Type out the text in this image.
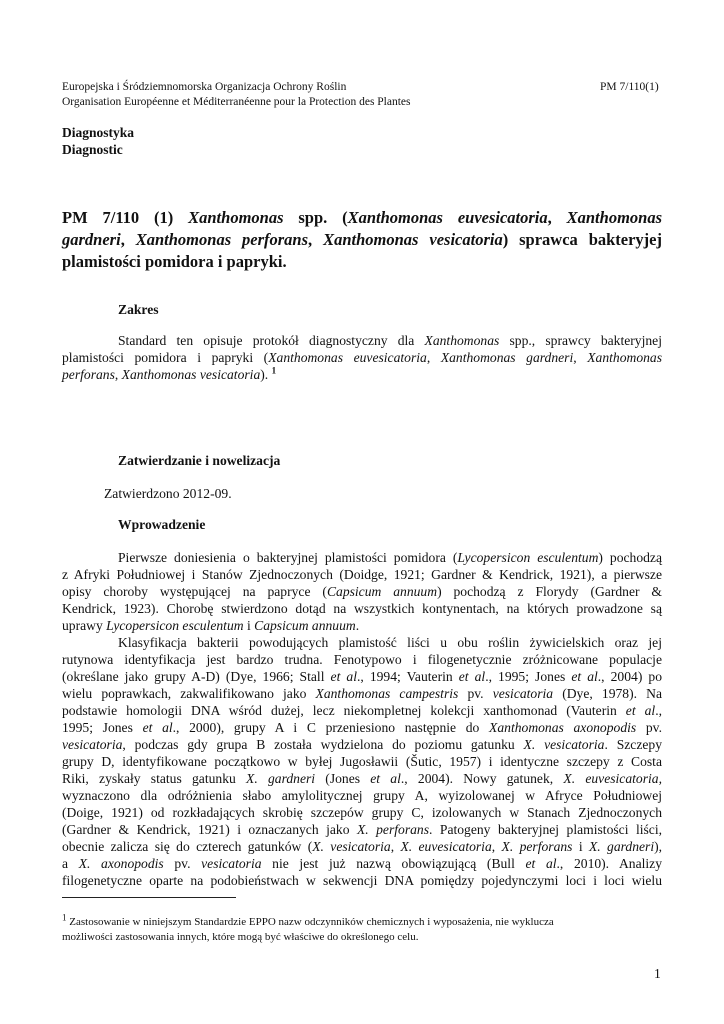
Europejska i Śródziemnomorska Organizacja Ochrony Roślin	PM 7/110(1)
Organisation Européenne et Méditerranéenne pour la Protection des Plantes
Diagnostyka
Diagnostic

PM 7/110 (1) Xanthomonas spp. (Xanthomonas euvesicatoria, Xanthomonas

gardneri, Xanthomonas perforans, Xanthomonas vesicatoria) sprawca bakteryjej

plamistości pomidora i papryki.

Zakres

Standard ten opisuje protokół diagnostyczny dla Xanthomonas spp., sprawcy bakteryjnej

plamistości pomidora i papryki (Xanthomonas euvesicatoria, Xanthomonas gardneri, Xanthomonas

perforans, Xanthomonas vesicatoria). $^1$

Zatwierdzanie i nowelizacja
Zatwierdzono 2012-09.
Wprowadzenie

Pierwsze doniesienia o bakteryjnej plamistości pomidora (Lycopersicon esculentum) pochodzą

z Afryki Południowej i Stanów Zjednoczonych (Doidge, 1921; Gardner & Kendrick, 1921), a pierwsze

opisy choroby występującej na papryce (Capsicum annuum) pochodzą z Florydy (Gardner &

Kendrick, 1923). Chorobę stwierdzono dotąd na wszystkich kontynentach, na których prowadzone są

uprawy Lycopersicon esculentum i Capsicum annuum.

Klasyfikacja bakterii powodujących plamistość liści u obu roślin żywicielskich oraz jej

rutynowa identyfikacja jest bardzo trudna. Fenotypowo i filogenetycznie zróżnicowane populacje

(określane jako grupy A-D) (Dye, 1966; Stall et al., 1994; Vauterin et al., 1995; Jones et al., 2004) po

wielu poprawkach, zakwalifikowano jako Xanthomonas campestris pv. vesicatoria (Dye, 1978). Na

podstawie homologii DNA wśród dużej, lecz niekompletnej kolekcji xanthomonad (Vauterin et al.,

1995; Jones et al., 2000), grupy A i C przeniesiono następnie do Xanthomonas axonopodis pv.

vesicatoria, podczas gdy grupa B została wydzielona do poziomu gatunku X. vesicatoria. Szczepy

grupy D, identyfikowane początkowo w byłej Jugosławii (Šutic, 1957) i identyczne szczepy z Costa

Riki, zyskały status gatunku X. gardneri (Jones et al., 2004). Nowy gatunek, X. euvesicatoria,

wyznaczono dla odróżnienia słabo amylolitycznej grupy A, wyizolowanej w Afryce Południowej

(Doige, 1921) od rozkładających skrobię szczepów grupy C, izolowanych w Stanach Zjednoczonych

(Gardner & Kendrick, 1921) i oznaczanych jako X. perforans. Patogeny bakteryjnej plamistości liści,

obecnie zalicza się do czterech gatunków (X. vesicatoria, X. euvesicatoria, X. perforans i X. gardneri),

a X. axonopodis pv. vesicatoria nie jest już nazwą obowiązującą (Bull et al., 2010). Analizy

filogenetyczne oparte na podobieństwach w sekwencji DNA pomiędzy pojedynczymi loci i loci wielu

$^1$ Zastosowanie w niniejszym Standardzie EPPO nazw odczynników chemicznych i wyposażenia, nie wyklucza

możliwości zastosowania innych, które mogą być właściwe do określonego celu.

1
